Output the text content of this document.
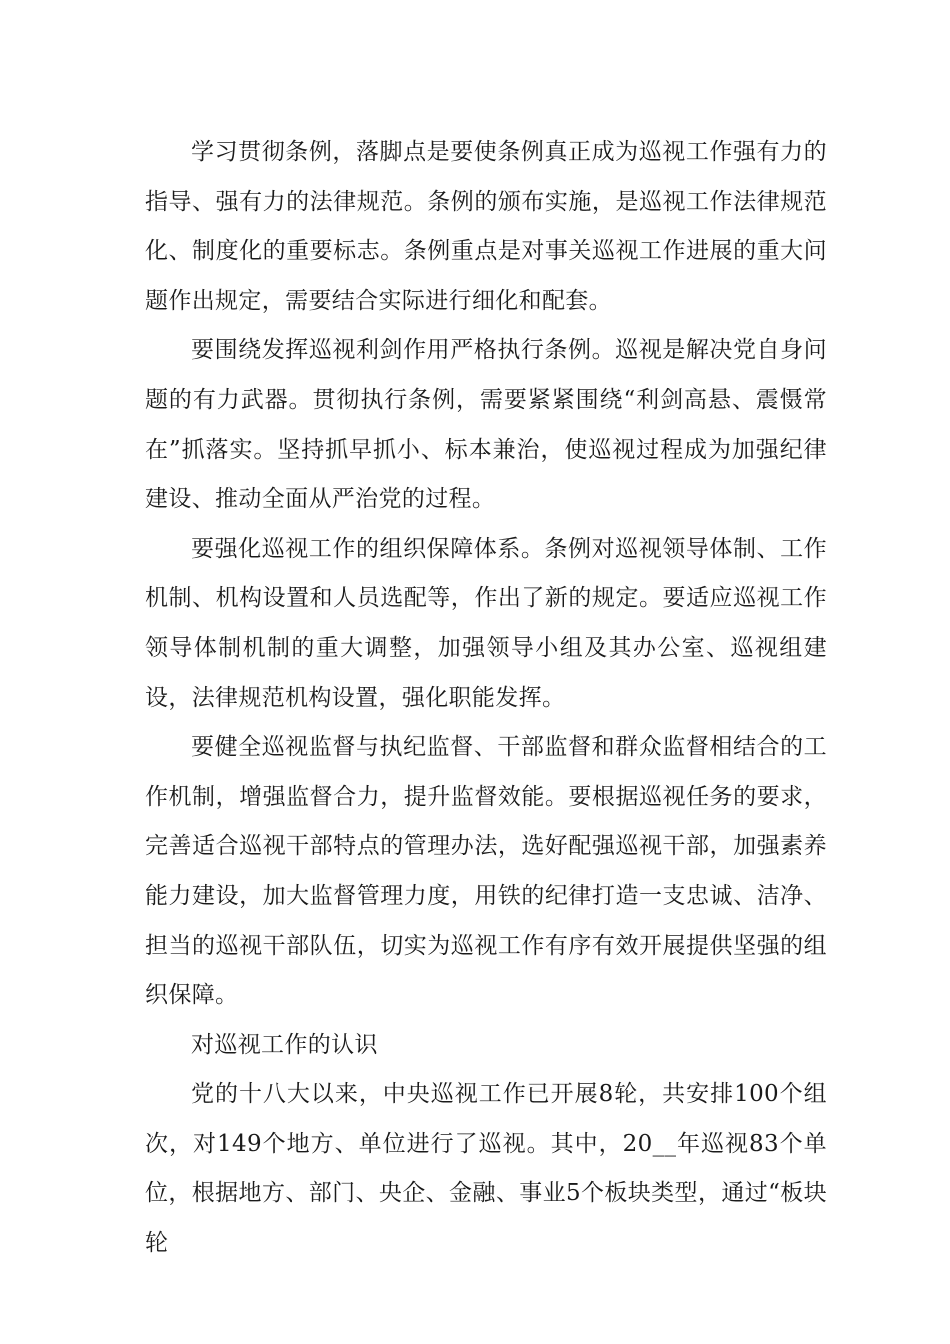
学习贯彻条例，落脚点是要使条例真正成为巡视工作强有力的指导、强有力的法律规范。条例的颁布实施，是巡视工作法律规范化、制度化的重要标志。条例重点是对事关巡视工作进展的重大问题作出规定，需要结合实际进行细化和配套。

要围绕发挥巡视利剑作用严格执行条例。巡视是解决党自身问题的有力武器。贯彻执行条例，需要紧紧围绕“利剑高悬、震慑常在”抓落实。坚持抓早抓小、标本兼治，使巡视过程成为加强纪律建设、推动全面从严治党的过程。

要强化巡视工作的组织保障体系。条例对巡视领导体制、工作机制、机构设置和人员选配等，作出了新的规定。要适应巡视工作领导体制机制的重大调整，加强领导小组及其办公室、巡视组建设，法律规范机构设置，强化职能发挥。

要健全巡视监督与执纪监督、干部监督和群众监督相结合的工作机制，增强监督合力，提升监督效能。要根据巡视任务的要求，完善适合巡视干部特点的管理办法，选好配强巡视干部，加强素养能力建设，加大监督管理力度，用铁的纪律打造一支忠诚、洁净、担当的巡视干部队伍，切实为巡视工作有序有效开展提供坚强的组织保障。

对巡视工作的认识

党的十八大以来，中央巡视工作已开展8轮，共安排100个组次，对149个地方、单位进行了巡视。其中，20__年巡视83个单位，根据地方、部门、央企、金融、事业5个板块类型，通过“板块轮
